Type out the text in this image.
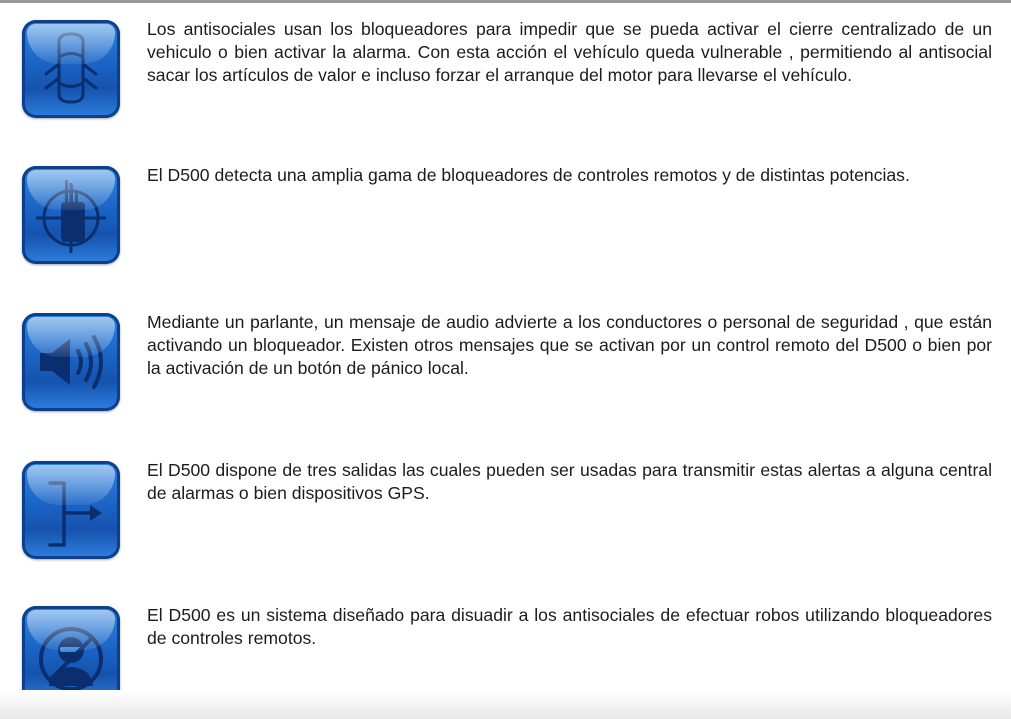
Los antisociales usan los bloqueadores para impedir que se pueda activar el cierre centralizado de un vehiculo o bien activar la alarma. Con esta acción el vehículo queda vulnerable , permitiendo al antisocial sacar los artículos de valor e incluso forzar el arranque del motor para llevarse el vehículo.

El D500 detecta una amplia gama de bloqueadores de controles remotos y de distintas potencias.

Mediante un parlante, un mensaje de audio advierte a los conductores o personal de seguridad , que están activando un bloqueador. Existen otros mensajes que se activan por un control remoto del D500 o bien por la activación de un botón de pánico local.

El D500 dispone de tres salidas las cuales pueden ser usadas para transmitir estas alertas a alguna central de alarmas o bien dispositivos GPS.

El D500 es un sistema diseñado para disuadir a los antisociales de efectuar robos utilizando bloqueadores de controles remotos.
